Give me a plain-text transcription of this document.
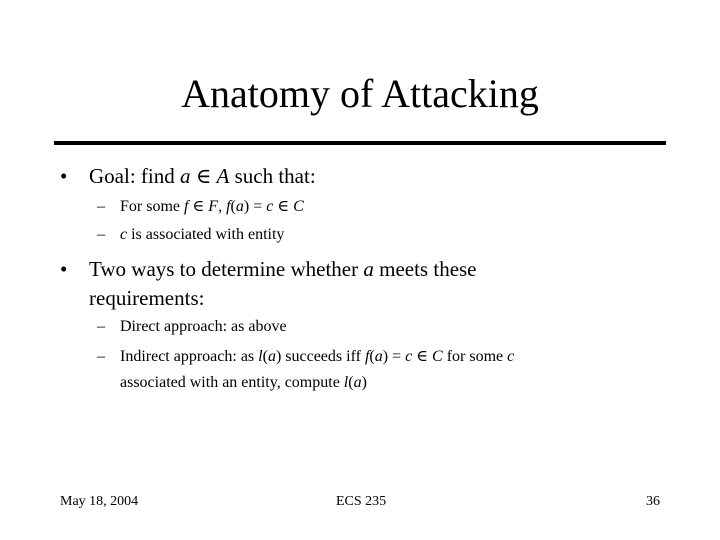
Anatomy of Attacking
• Goal: find a ∈ A such that:
– For some f ∈ F, f(a) = c ∈ C
– c is associated with entity
• Two ways to determine whether a meets these
requirements:
– Direct approach: as above
– Indirect approach: as l(a) succeeds iff f(a) = c ∈ C for some c
associated with an entity, compute l(a)
May 18, 2004	ECS 235	36
